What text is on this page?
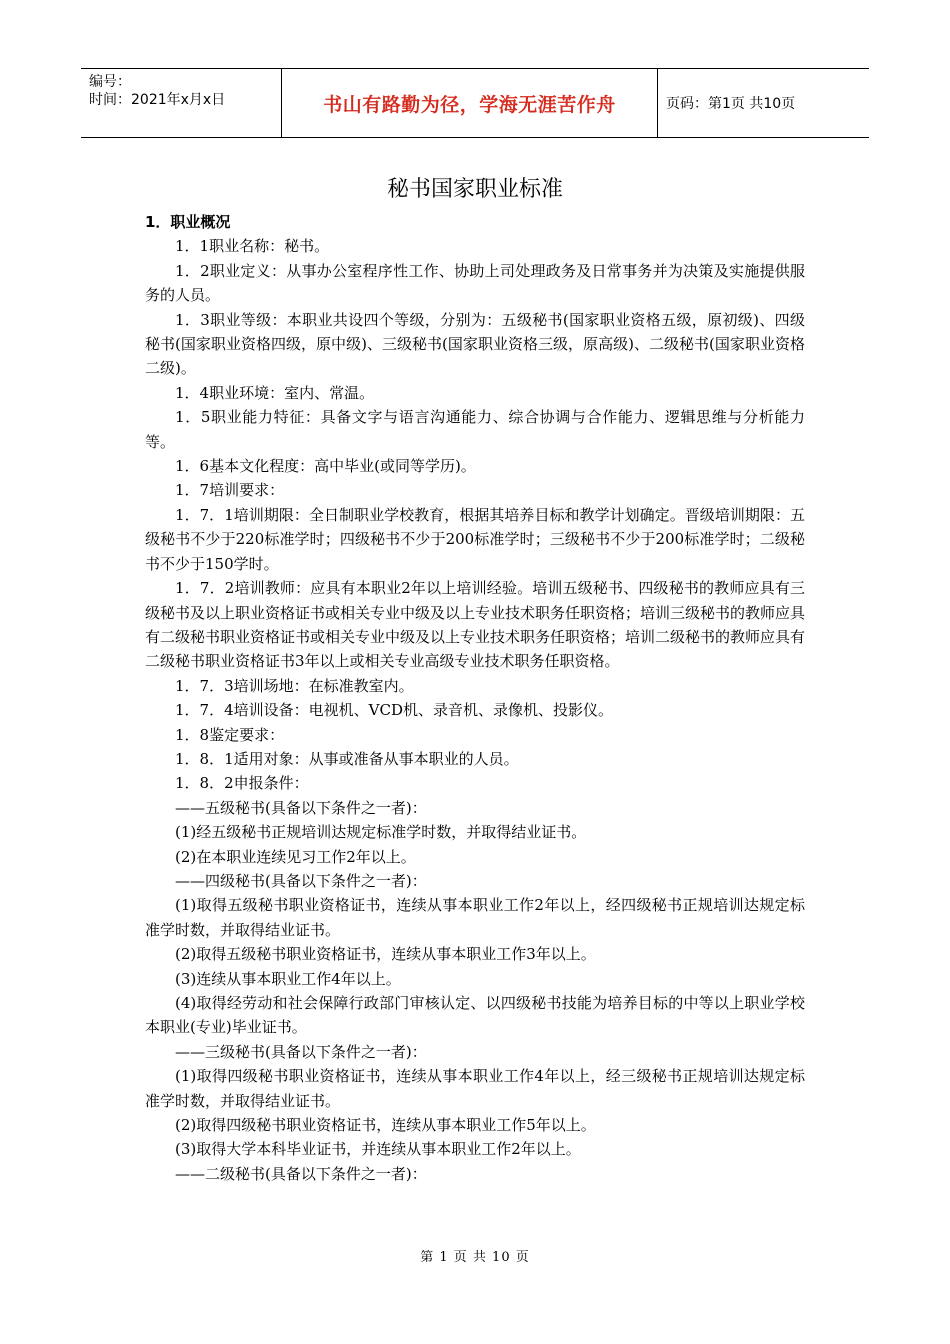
编号：
时间：2021年x月x日	书山有路勤为径，学海无涯苦作舟	页码：第1页 共10页
秘书国家职业标准

1．职业概况

1．1职业名称：秘书。

1．2职业定义：从事办公室程序性工作、协助上司处理政务及日常事务并为决策及实施提供服务的人员。

1．3职业等级：本职业共设四个等级，分别为：五级秘书(国家职业资格五级，原初级)、四级秘书(国家职业资格四级，原中级)、三级秘书(国家职业资格三级，原高级)、二级秘书(国家职业资格二级)。

1．4职业环境：室内、常温。

1．5职业能力特征：具备文字与语言沟通能力、综合协调与合作能力、逻辑思维与分析能力等。

1．6基本文化程度：高中毕业(或同等学历)。

1．7培训要求：

1．7．1培训期限：全日制职业学校教育，根据其培养目标和教学计划确定。晋级培训期限：五级秘书不少于220标准学时；四级秘书不少于200标准学时；三级秘书不少于200标准学时；二级秘书不少于150学时。

1．7．2培训教师：应具有本职业2年以上培训经验。培训五级秘书、四级秘书的教师应具有三级秘书及以上职业资格证书或相关专业中级及以上专业技术职务任职资格；培训三级秘书的教师应具有二级秘书职业资格证书或相关专业中级及以上专业技术职务任职资格；培训二级秘书的教师应具有二级秘书职业资格证书3年以上或相关专业高级专业技术职务任职资格。

1．7．3培训场地：在标准教室内。

1．7．4培训设备：电视机、VCD机、录音机、录像机、投影仪。

1．8鉴定要求：

1．8．1适用对象：从事或准备从事本职业的人员。

1．8．2申报条件：

——五级秘书(具备以下条件之一者)：

(1)经五级秘书正规培训达规定标准学时数，并取得结业证书。

(2)在本职业连续见习工作2年以上。

——四级秘书(具备以下条件之一者)：

(1)取得五级秘书职业资格证书，连续从事本职业工作2年以上，经四级秘书正规培训达规定标准学时数，并取得结业证书。

(2)取得五级秘书职业资格证书，连续从事本职业工作3年以上。

(3)连续从事本职业工作4年以上。

(4)取得经劳动和社会保障行政部门审核认定、以四级秘书技能为培养目标的中等以上职业学校本职业(专业)毕业证书。

——三级秘书(具备以下条件之一者)：

(1)取得四级秘书职业资格证书，连续从事本职业工作4年以上，经三级秘书正规培训达规定标准学时数，并取得结业证书。

(2)取得四级秘书职业资格证书，连续从事本职业工作5年以上。

(3)取得大学本科毕业证书，并连续从事本职业工作2年以上。

——二级秘书(具备以下条件之一者)：

第 1 页 共 10 页
